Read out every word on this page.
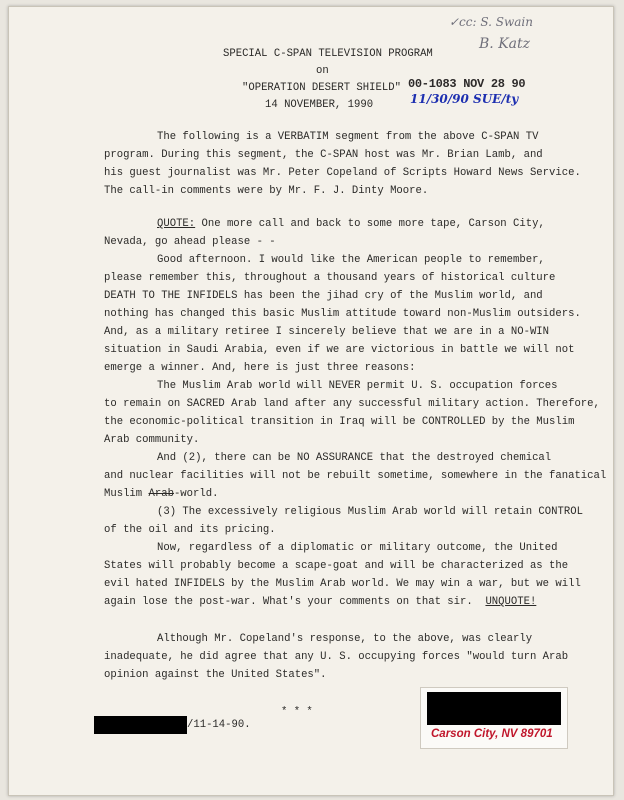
SPECIAL C-SPAN TELEVISION PROGRAM
on
"OPERATION DESERT SHIELD"
14 NOVEMBER, 1990
✓cc: S. Swain
B. Katz
00-1083 NOV 28 90
11/30/90 SUE/ty
The following is a VERBATIM segment from the above C-SPAN TV
program. During this segment, the C-SPAN host was Mr. Brian Lamb, and
his guest journalist was Mr. Peter Copeland of Scripts Howard News Service.
The call-in comments were by Mr. F. J. Dinty Moore.
QUOTE: One more call and back to some more tape, Carson City,
Nevada, go ahead please - -
Good afternoon. I would like the American people to remember,
please remember this, throughout a thousand years of historical culture
DEATH TO THE INFIDELS has been the jihad cry of the Muslim world, and
nothing has changed this basic Muslim attitude toward non-Muslim outsiders.
And, as a military retiree I sincerely believe that we are in a NO-WIN
situation in Saudi Arabia, even if we are victorious in battle we will not
emerge a winner. And, here is just three reasons:
The Muslim Arab world will NEVER permit U. S. occupation forces
to remain on SACRED Arab land after any successful military action. Therefore,
the economic-political transition in Iraq will be CONTROLLED by the Muslim
Arab community.
And (2), there can be NO ASSURANCE that the destroyed chemical
and nuclear facilities will not be rebuilt sometime, somewhere in the fanatical
Muslim Arab-world.
(3) The excessively religious Muslim Arab world will retain CONTROL
of the oil and its pricing.
Now, regardless of a diplomatic or military outcome, the United
States will probably become a scape-goat and will be characterized as the
evil hated INFIDELS by the Muslim Arab world. We may win a war, but we will
again lose the post-war. What's your comments on that sir. UNQUOTE!
Although Mr. Copeland's response, to the above, was clearly
inadequate, he did agree that any U. S. occupying forces "would turn Arab
opinion against the United States".
* * *
/11-14-90.
Carson City, NV 89701
